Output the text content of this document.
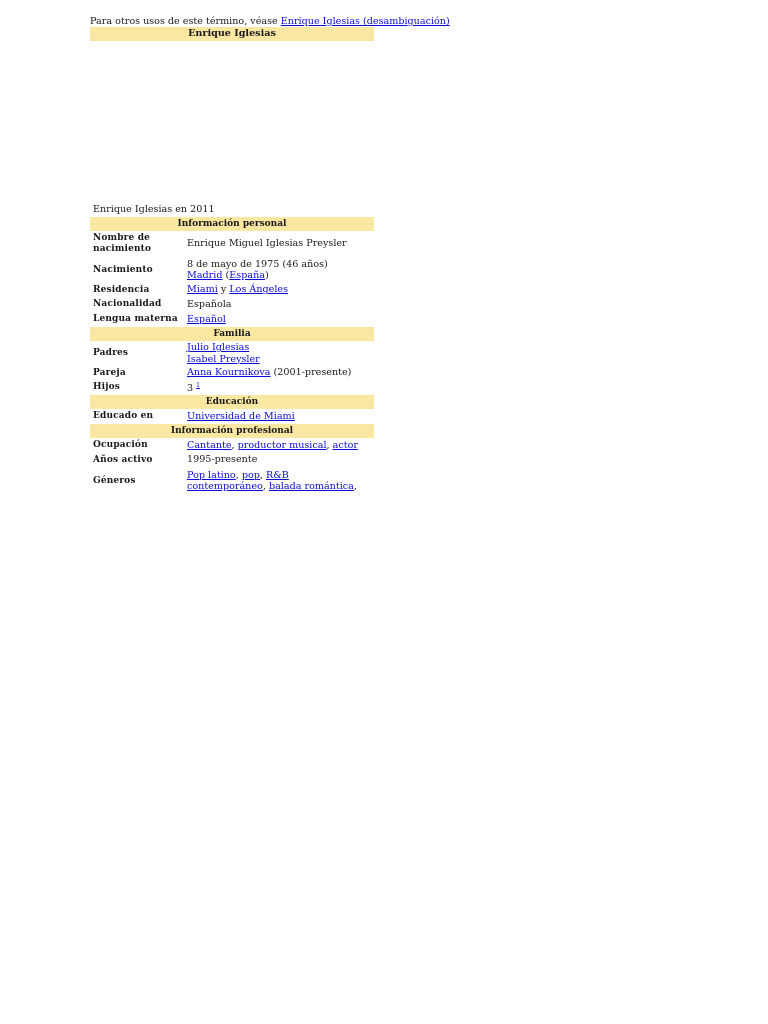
Para otros usos de este término, véase Enrique Iglesias (desambiguación)
Enrique Iglesias
Enrique Iglesias en 2011
Información personal
Nombre de nacimiento	Enrique Miguel Iglesias Preysler
Nacimiento	8 de mayo de 1975 (46 años)
Madrid (España)
Residencia	Miami y Los Ángeles
Nacionalidad	Española
Lengua materna Español
Familia
Padres	Julio Iglesias
Isabel Preysler
Pareja	Anna Kournikova (2001-presente)
Hijos	3 $^1$
Educación
Educado en	Universidad de Miami
Información profesional
Ocupación	Cantante, productor musical, actor
Años activo	1995-presente
Géneros	Pop latino, pop, R&B
contemporáneo, balada romántica,
